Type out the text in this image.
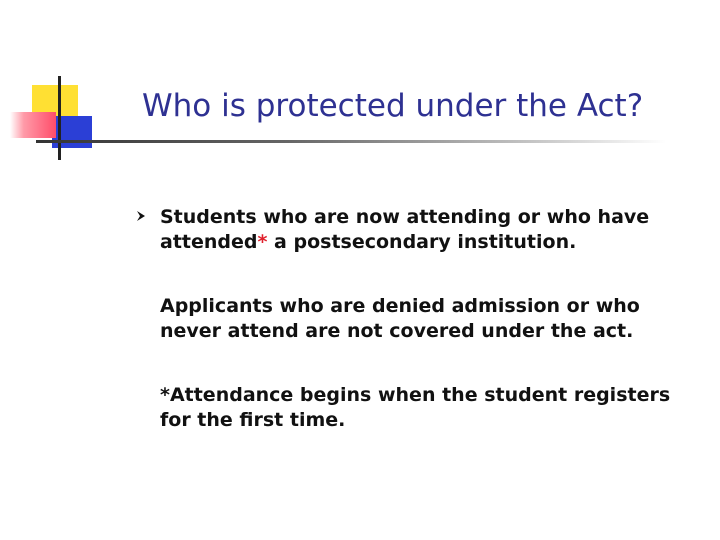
Who is protected under the Act?

Students who are now attending or who have attended* a postsecondary institution.

Applicants who are denied admission or who never attend are not covered under the act.

*Attendance begins when the student registers for the first time.
